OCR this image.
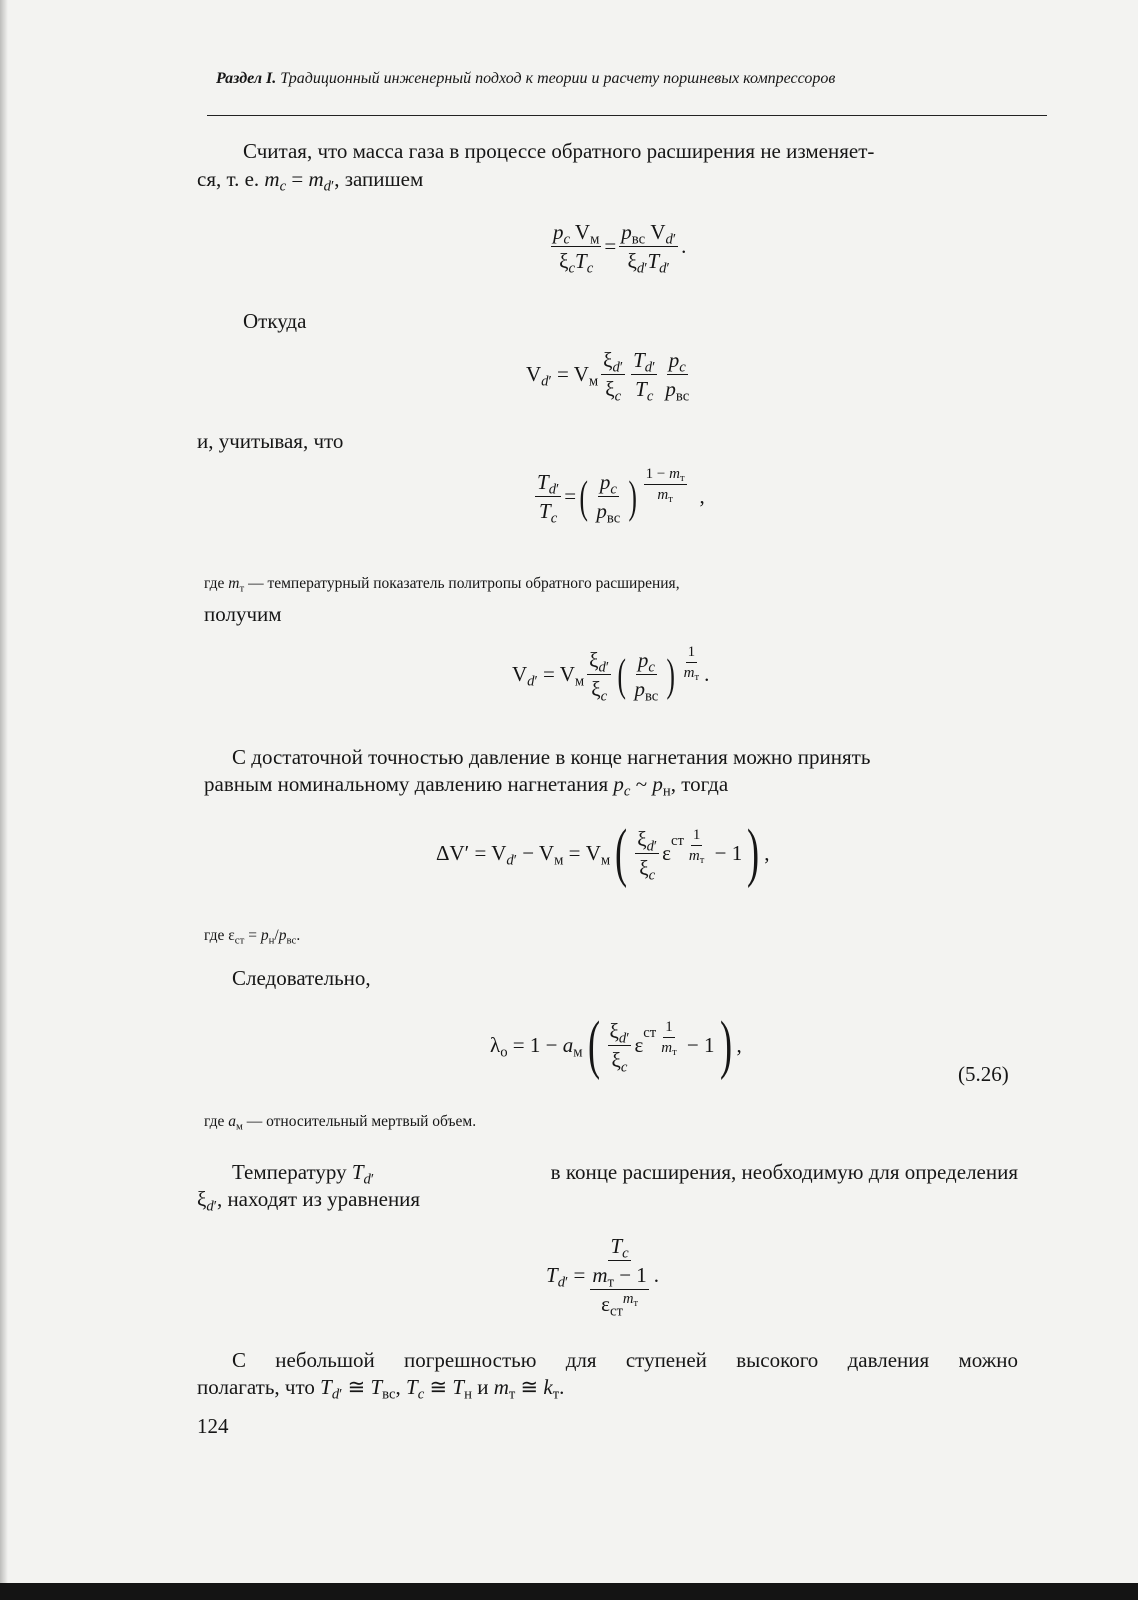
Раздел I. Традиционный инженерный подход к теории и расчету поршневых компрессоров
Считая, что масса газа в процессе обратного расширения не изменяет-
ся, т. е. $m_c = m_{d'}$, запишем
$p_c$ $V_м$
$\xi_cT_c$
=
$p_{вс}$ $V_{d'}$
$\xi_{d'}T_{d'}$
.
Откуда
$V_{d'} = V_м$
$\xi_{d'}$
$\xi_c$
$T_{d'}$
$T_c$
$p_c$
$p_{вс}$
и, учитывая, что
$\frac{T_{d'}}{T_c}$ = ( $p_c$
$p_{вс}$ ) $1 - m_т$
$m_т$ ,
где $m_т$ — температурный показатель политропы обратного расширения,
получим
$V_{d'} = V_м$
$\xi_{d'}$
$\xi_c$ ( $p_c$
$p_{вс}$ ) 1
$m_т$ .
С достаточной точностью давление в конце нагнетания можно принять
равным номинальному давлению нагнетания $p_c$ ~ $p_н$, тогда
$\Delta V' = V_{d'} - V_м = V_м$ ( $\xi_{d'}$
$\xi_c$
ε ст 1
$m_т - 1$ ) ,
где $\varepsilon_{ст} = p_н/p_{вс}$.
Следовательно,
$\lambda_о = 1 - a_м$ ( $\xi_{d'}$
$\xi_c$
ε ст 1
$m_т - 1$ ) ,
(5.26)
где $a_м$ — относительный мертвый объем.
Температуру $T_{d'}$	в конце расширения, необходимую для определения
$\xi_{d'}$, находят из уравнения
$T_{d'}$ =
$T_c$
$m_т - 1$
$\varepsilon_{ст}^{m_т}$
.
С небольшой погрешностью для ступеней высокого давления можно
полагать, что $T_{d'}$ ≅ $T_{вс}$, $T_c$ ≅ $T_н$ и $m_т$ ≅ $k_т$.
124
